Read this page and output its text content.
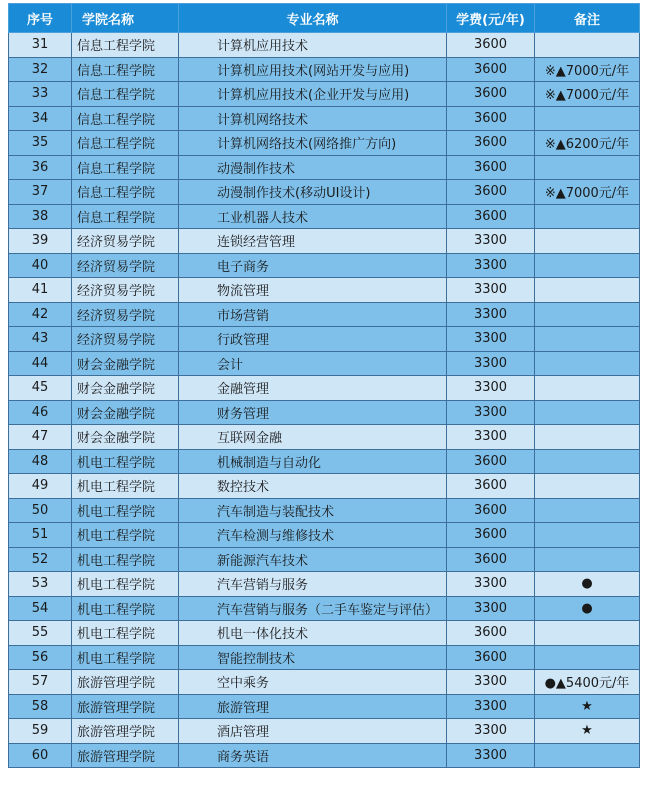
序号	学院名称	专业名称	学费(元/年)	备注
31	信息工程学院	计算机应用技术	3600	
32	信息工程学院	计算机应用技术(网站开发与应用)	3600	※▲7000元/年
33	信息工程学院	计算机应用技术(企业开发与应用)	3600	※▲7000元/年
34	信息工程学院	计算机网络技术	3600	
35	信息工程学院	计算机网络技术(网络推广方向)	3600	※▲6200元/年
36	信息工程学院	动漫制作技术	3600	
37	信息工程学院	动漫制作技术(移动UI设计)	3600	※▲7000元/年
38	信息工程学院	工业机器人技术	3600	
39	经济贸易学院	连锁经营管理	3300	
40	经济贸易学院	电子商务	3300	
41	经济贸易学院	物流管理	3300	
42	经济贸易学院	市场营销	3300	
43	经济贸易学院	行政管理	3300	
44	财会金融学院	会计	3300	
45	财会金融学院	金融管理	3300	
46	财会金融学院	财务管理	3300	
47	财会金融学院	互联网金融	3300	
48	机电工程学院	机械制造与自动化	3600	
49	机电工程学院	数控技术	3600	
50	机电工程学院	汽车制造与装配技术	3600	
51	机电工程学院	汽车检测与维修技术	3600	
52	机电工程学院	新能源汽车技术	3600	
53	机电工程学院	汽车营销与服务	3300	●
54	机电工程学院	汽车营销与服务（二手车鉴定与评估）	3300	●
55	机电工程学院	机电一体化技术	3600	
56	机电工程学院	智能控制技术	3600	
57	旅游管理学院	空中乘务	3300	●▲5400元/年
58	旅游管理学院	旅游管理	3300	★
59	旅游管理学院	酒店管理	3300	★
60	旅游管理学院	商务英语	3300	
